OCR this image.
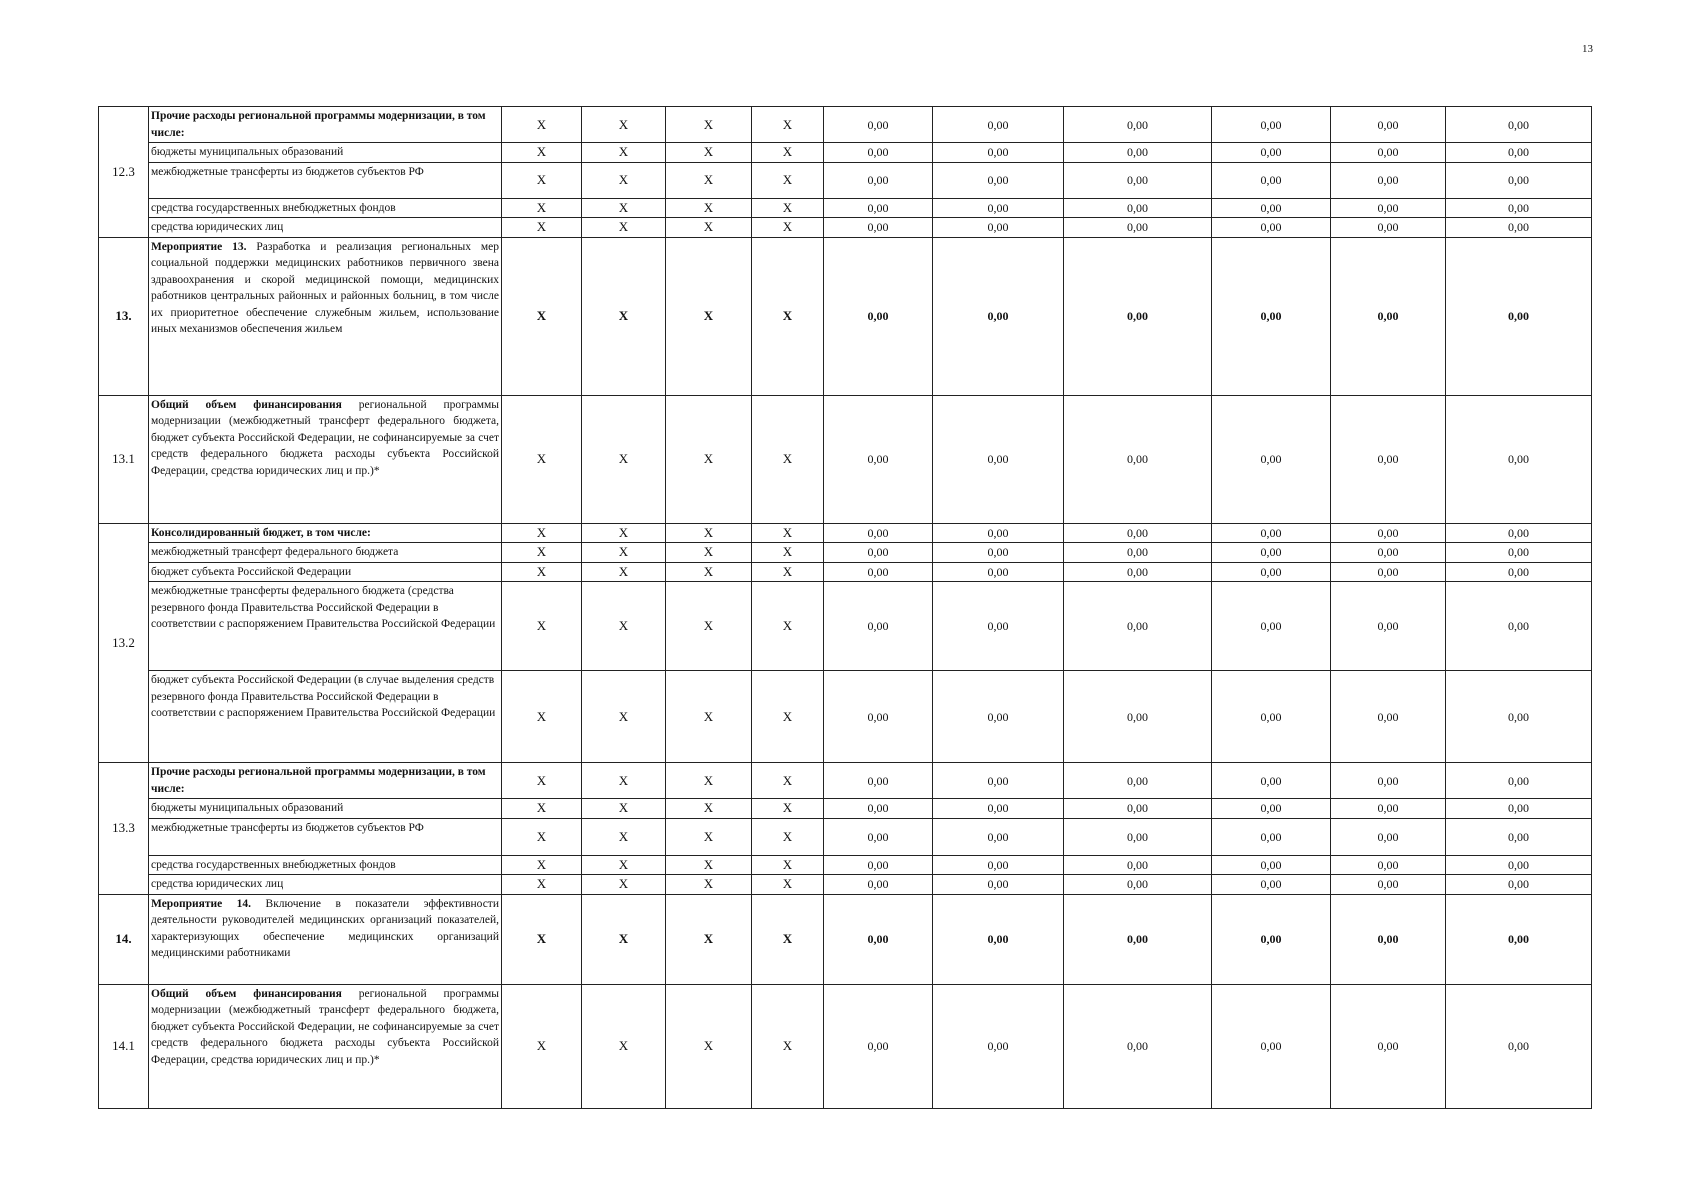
13
12.3	Прочие расходы региональной программы модернизации, в том числе:	X	X	X	X	0,00	0,00	0,00	0,00	0,00	0,00
	бюджеты муниципальных образований	X	X	X	X	0,00	0,00	0,00	0,00	0,00	0,00
	межбюджетные трансферты из бюджетов субъектов РФ	X	X	X	X	0,00	0,00	0,00	0,00	0,00	0,00
	средства государственных внебюджетных фондов	X	X	X	X	0,00	0,00	0,00	0,00	0,00	0,00
	средства юридических лиц	X	X	X	X	0,00	0,00	0,00	0,00	0,00	0,00
13.	Мероприятие 13. Разработка и реализация региональных мер социальной поддержки медицинских работников первичного звена здравоохранения и скорой медицинской помощи, медицинских работников центральных районных и районных больниц, в том числе их приоритетное обеспечение служебным жильем, использование иных механизмов обеспечения жильем	X	X	X	X	0,00	0,00	0,00	0,00	0,00	0,00
13.1	Общий объем финансирования региональной программы модернизации (межбюджетный трансферт федерального бюджета, бюджет субъекта Российской Федерации, не софинансируемые за счет средств федерального бюджета расходы субъекта Российской Федерации, средства юридических лиц и пр.)*	X	X	X	X	0,00	0,00	0,00	0,00	0,00	0,00
13.2	Консолидированный бюджет, в том числе:	X	X	X	X	0,00	0,00	0,00	0,00	0,00	0,00
	межбюджетный трансферт федерального бюджета	X	X	X	X	0,00	0,00	0,00	0,00	0,00	0,00
	бюджет субъекта Российской Федерации	X	X	X	X	0,00	0,00	0,00	0,00	0,00	0,00
	межбюджетные трансферты федерального бюджета (средства резервного фонда Правительства Российской Федерации в соответствии с распоряжением Правительства Российской Федерации	X	X	X	X	0,00	0,00	0,00	0,00	0,00	0,00
	бюджет субъекта Российской Федерации (в случае выделения средств резервного фонда Правительства Российской Федерации в соответствии с распоряжением Правительства Российской Федерации	X	X	X	X	0,00	0,00	0,00	0,00	0,00	0,00
13.3	Прочие расходы региональной программы модернизации, в том числе:	X	X	X	X	0,00	0,00	0,00	0,00	0,00	0,00
	бюджеты муниципальных образований	X	X	X	X	0,00	0,00	0,00	0,00	0,00	0,00
	межбюджетные трансферты из бюджетов субъектов РФ	X	X	X	X	0,00	0,00	0,00	0,00	0,00	0,00
	средства государственных внебюджетных фондов	X	X	X	X	0,00	0,00	0,00	0,00	0,00	0,00
	средства юридических лиц	X	X	X	X	0,00	0,00	0,00	0,00	0,00	0,00
14.	Мероприятие 14. Включение в показатели эффективности деятельности руководителей медицинских организаций показателей, характеризующих обеспечение медицинских организаций медицинскими работниками	X	X	X	X	0,00	0,00	0,00	0,00	0,00	0,00
14.1	Общий объем финансирования региональной программы модернизации (межбюджетный трансферт федерального бюджета, бюджет субъекта Российской Федерации, не софинансируемые за счет средств федерального бюджета расходы субъекта Российской Федерации, средства юридических лиц и пр.)*	X	X	X	X	0,00	0,00	0,00	0,00	0,00	0,00
